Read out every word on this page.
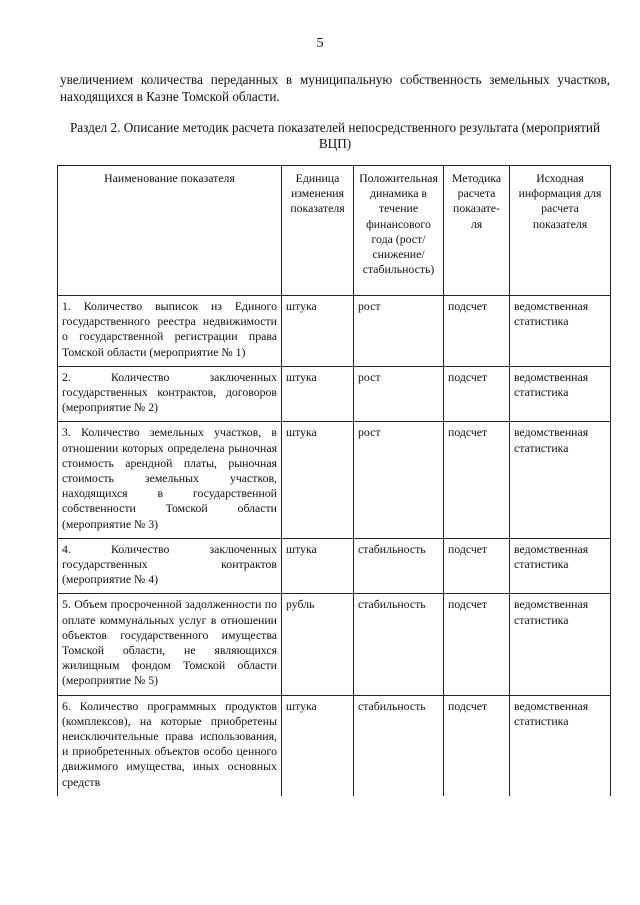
5
увеличением количества переданных в муниципальную собственность земельных участков, находящихся в Казне Томской области.
Раздел 2. Описание методик расчета показателей непосредственного результата (мероприятий ВЦП)
Наименование показателя	Единица изменения показателя	Положительная динамика в течение финансового года (рост/ снижение/ стабильность)	Методика расчета показате-ля	Исходная информация для расчета показателя
1. Количество выписок из Единого государственного реестра недвижимости о государственной регистрации права Томской области (мероприятие № 1)	штука	рост	подсчет	ведомственная статистика
2. Количество заключенных государственных контрактов, договоров (мероприятие № 2)	штука	рост	подсчет	ведомственная статистика
3. Количество земельных участков, в отношении которых определена рыночная стоимость арендной платы, рыночная стоимость земельных участков, находящихся в государственной собственности Томской области (мероприятие № 3)	штука	рост	подсчет	ведомственная статистика
4. Количество заключенных государственных контрактов (мероприятие № 4)	штука	стабильность	подсчет	ведомственная статистика
5. Объем просроченной задолженности по оплате коммунальных услуг в отношении объектов государственного имущества Томской области, не являющихся жилищным фондом Томской области (мероприятие № 5)	рубль	стабильность	подсчет	ведомственная статистика
6. Количество программных продуктов (комплексов), на которые приобретены неисключительные права использования, и приобретенных объектов особо ценного движимого имущества, иных основных средств	штука	стабильность	подсчет	ведомственная статистика
